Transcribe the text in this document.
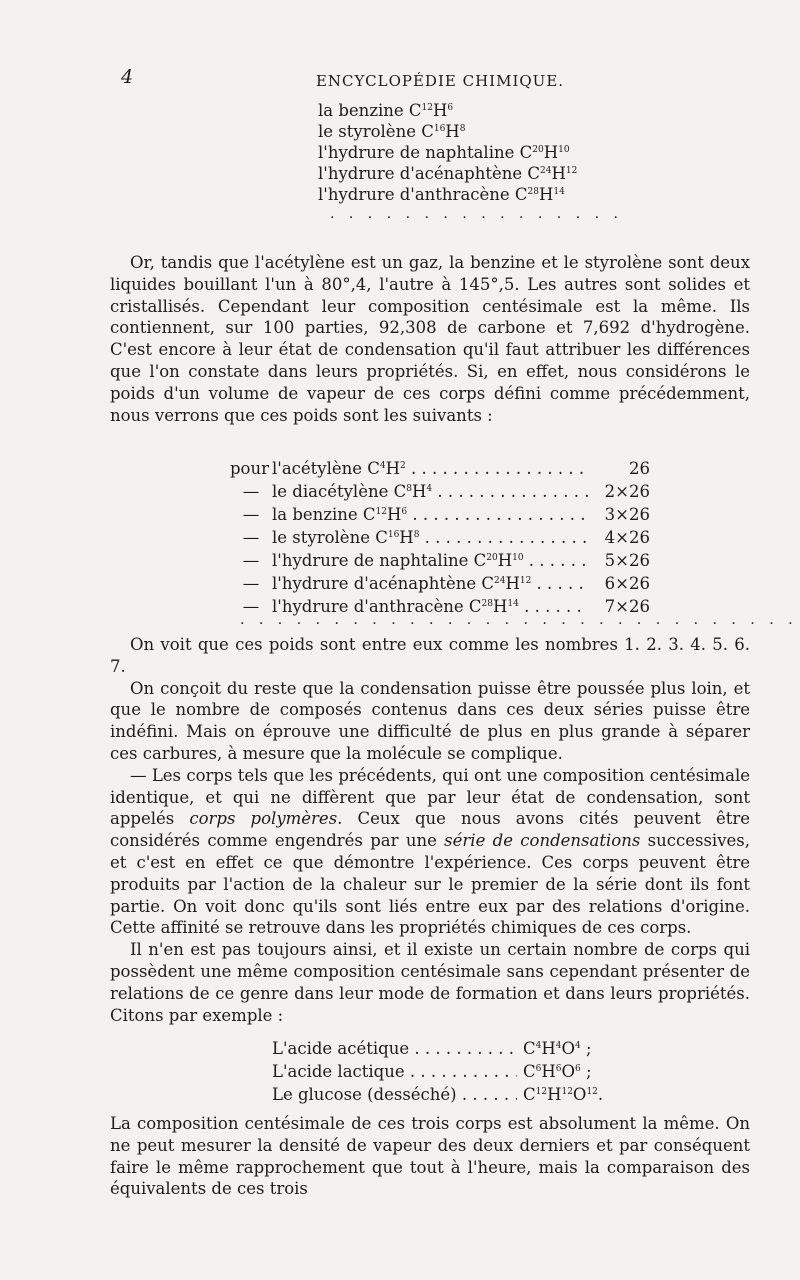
4	ENCYCLOPÉDIE CHIMIQUE.
la benzine $C^{12}H^6$
le styrolène $C^{16}H^8$
l'hydrure de naphtaline $C^{20}H^{10}$
l'hydrure d'acénaphtène $C^{24}H^{12}$
l'hydrure d'anthracène $C^{28}H^{14}$
. . . . . . . . . . . . . . . .

Or, tandis que l'acétylène est un gaz, la benzine et le styrolène sont deux liquides bouillant l'un à 80°,4, l'autre à 145°,5. Les autres sont solides et cristallisés. Cependant leur composition centésimale est la même. Ils contiennent, sur 100 parties, 92,308 de carbone et 7,692 d'hydrogène. C'est encore à leur état de condensation qu'il faut attribuer les différences que l'on constate dans leurs propriétés. Si, en effet, nous considérons le poids d'un volume de vapeur de ces corps défini comme précédemment, nous verrons que ces poids sont les suivants :

pour l'acétylène $C^4H^2$ . . .	26
— le diacétylène $C^8H^4$ . . .	2×26
— la benzine $C^{12}H^6$ . . .	3×26
— le styrolène $C^{16}H^8$ . . .	4×26
— l'hydrure de naphtaline $C^{20}H^{10}$ . . .	5×26
— l'hydrure d'acénaphtène $C^{24}H^{12}$ . . .	6×26
— l'hydrure d'anthracène $C^{28}H^{14}$ . . .	7×26
. . . . . . . . . . . . . . . . . . . . . . . . . . . . . .

On voit que ces poids sont entre eux comme les nombres 1. 2. 3. 4. 5. 6. 7.

On conçoit du reste que la condensation puisse être poussée plus loin, et que le nombre de composés contenus dans ces deux séries puisse être indéfini. Mais on éprouve une difficulté de plus en plus grande à séparer ces carbures, à mesure que la molécule se complique.

— Les corps tels que les précédents, qui ont une composition centésimale identique, et qui ne diffèrent que par leur état de condensation, sont appelés corps polymères. Ceux que nous avons cités peuvent être considérés comme engendrés par une série de condensations successives, et c'est en effet ce que démontre l'expérience. Ces corps peuvent être produits par l'action de la chaleur sur le premier de la série dont ils font partie. On voit donc qu'ils sont liés entre eux par des relations d'origine. Cette affinité se retrouve dans les propriétés chimiques de ces corps.

Il n'en est pas toujours ainsi, et il existe un certain nombre de corps qui possèdent une même composition centésimale sans cependant présenter de relations de ce genre dans leur mode de formation et dans leurs propriétés. Citons par exemple :

L'acide acétique . . .	$C^4H^4O^4$ ;
L'acide lactique . . .	$C^6H^6O^6$ ;
Le glucose (desséché) . . .	$C^{12}H^{12}O^{12}$.

La composition centésimale de ces trois corps est absolument la même. On ne peut mesurer la densité de vapeur des deux derniers et par conséquent faire le même rapprochement que tout à l'heure, mais la comparaison des équivalents de ces trois
